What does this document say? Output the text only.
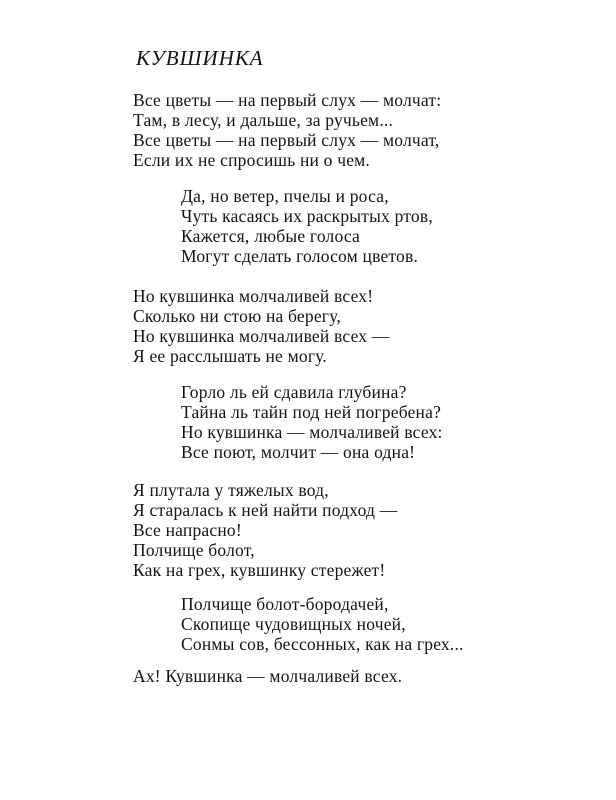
КУВШИНКА
Все цветы — на первый слух — молчат:
Там, в лесу, и дальше, за ручьем...
Все цветы — на первый слух — молчат,
Если их не спросишь ни о чем.
Да, но ветер, пчелы и роса,
Чуть касаясь их раскрытых ртов,
Кажется, любые голоса
Могут сделать голосом цветов.
Но кувшинка молчаливей всех!
Сколько ни стою на берегу,
Но кувшинка молчаливей всех —
Я ее расслышать не могу.
Горло ль ей сдавила глубина?
Тайна ль тайн под ней погребена?
Но кувшинка — молчаливей всех:
Все поют, молчит — она одна!
Я плутала у тяжелых вод,
Я старалась к ней найти подход —
Все напрасно!
Полчище болот,
Как на грех, кувшинку стережет!
Полчище болот-бородачей,
Скопище чудовищных ночей,
Сонмы сов, бессонных, как на грех...
Ах! Кувшинка — молчаливей всех.
